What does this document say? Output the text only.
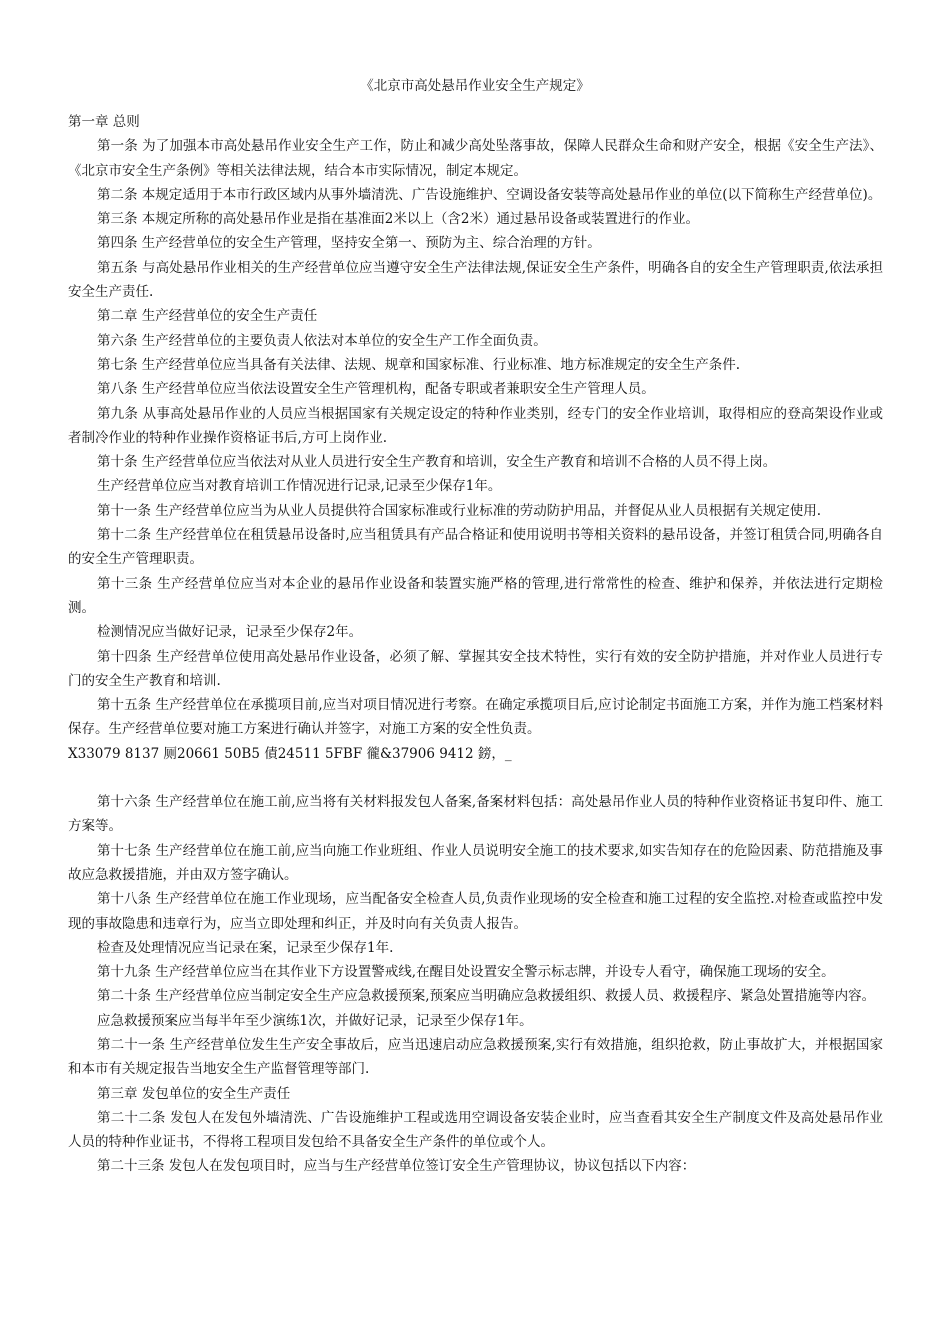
《北京市高处悬吊作业安全生产规定》

第一章 总则

第一条 为了加强本市高处悬吊作业安全生产工作，防止和减少高处坠落事故，保障人民群众生命和财产安全，根据《安全生产法》、《北京市安全生产条例》等相关法律法规，结合本市实际情况，制定本规定。

第二条 本规定适用于本市行政区域内从事外墙清洗、广告设施维护、空调设备安装等高处悬吊作业的单位(以下简称生产经营单位)。

第三条 本规定所称的高处悬吊作业是指在基准面2米以上（含2米）通过悬吊设备或装置进行的作业。

第四条 生产经营单位的安全生产管理，坚持安全第一、预防为主、综合治理的方针。

第五条 与高处悬吊作业相关的生产经营单位应当遵守安全生产法律法规,保证安全生产条件，明确各自的安全生产管理职责,依法承担安全生产责任.

第二章 生产经营单位的安全生产责任

第六条 生产经营单位的主要负责人依法对本单位的安全生产工作全面负责。

第七条 生产经营单位应当具备有关法律、法规、规章和国家标准、行业标准、地方标准规定的安全生产条件.

第八条 生产经营单位应当依法设置安全生产管理机构，配备专职或者兼职安全生产管理人员。

第九条 从事高处悬吊作业的人员应当根据国家有关规定设定的特种作业类别，经专门的安全作业培训，取得相应的登高架设作业或者制冷作业的特种作业操作资格证书后,方可上岗作业.

第十条 生产经营单位应当依法对从业人员进行安全生产教育和培训，安全生产教育和培训不合格的人员不得上岗。

生产经营单位应当对教育培训工作情况进行记录,记录至少保存1年。

第十一条 生产经营单位应当为从业人员提供符合国家标准或行业标准的劳动防护用品，并督促从业人员根据有关规定使用.

第十二条 生产经营单位在租赁悬吊设备时,应当租赁具有产品合格证和使用说明书等相关资料的悬吊设备，并签订租赁合同,明确各自的安全生产管理职责。

第十三条 生产经营单位应当对本企业的悬吊作业设备和装置实施严格的管理,进行常常性的检查、维护和保养，并依法进行定期检测。

检测情况应当做好记录，记录至少保存2年。

第十四条 生产经营单位使用高处悬吊作业设备，必须了解、掌握其安全技术特性，实行有效的安全防护措施，并对作业人员进行专门的安全生产教育和培训.

第十五条 生产经营单位在承揽项目前,应当对项目情况进行考察。在确定承揽项目后,应讨论制定书面施工方案，并作为施工档案材料保存。生产经营单位要对施工方案进行确认并签字，对施工方案的安全性负责。

X33079 8137 厕20661 50B5 債24511 5FBF 徿&37906 9412 鎊，_

第十六条 生产经营单位在施工前,应当将有关材料报发包人备案,备案材料包括：高处悬吊作业人员的特种作业资格证书复印件、施工方案等。

第十七条 生产经营单位在施工前,应当向施工作业班组、作业人员说明安全施工的技术要求,如实告知存在的危险因素、防范措施及事故应急救援措施，并由双方签字确认。

第十八条 生产经营单位在施工作业现场，应当配备安全检查人员,负责作业现场的安全检查和施工过程的安全监控.对检查或监控中发现的事故隐患和违章行为，应当立即处理和纠正，并及时向有关负责人报告。

检查及处理情况应当记录在案，记录至少保存1年.

第十九条 生产经营单位应当在其作业下方设置警戒线,在醒目处设置安全警示标志牌，并设专人看守，确保施工现场的安全。

第二十条 生产经营单位应当制定安全生产应急救援预案,预案应当明确应急救援组织、救援人员、救援程序、紧急处置措施等内容。

应急救援预案应当每半年至少演练1次，并做好记录，记录至少保存1年。

第二十一条 生产经营单位发生生产安全事故后，应当迅速启动应急救援预案,实行有效措施，组织抢救，防止事故扩大，并根据国家和本市有关规定报告当地安全生产监督管理等部门.

第三章 发包单位的安全生产责任

第二十二条 发包人在发包外墙清洗、广告设施维护工程或选用空调设备安装企业时，应当查看其安全生产制度文件及高处悬吊作业人员的特种作业证书，不得将工程项目发包给不具备安全生产条件的单位或个人。

第二十三条 发包人在发包项目时，应当与生产经营单位签订安全生产管理协议，协议包括以下内容：
